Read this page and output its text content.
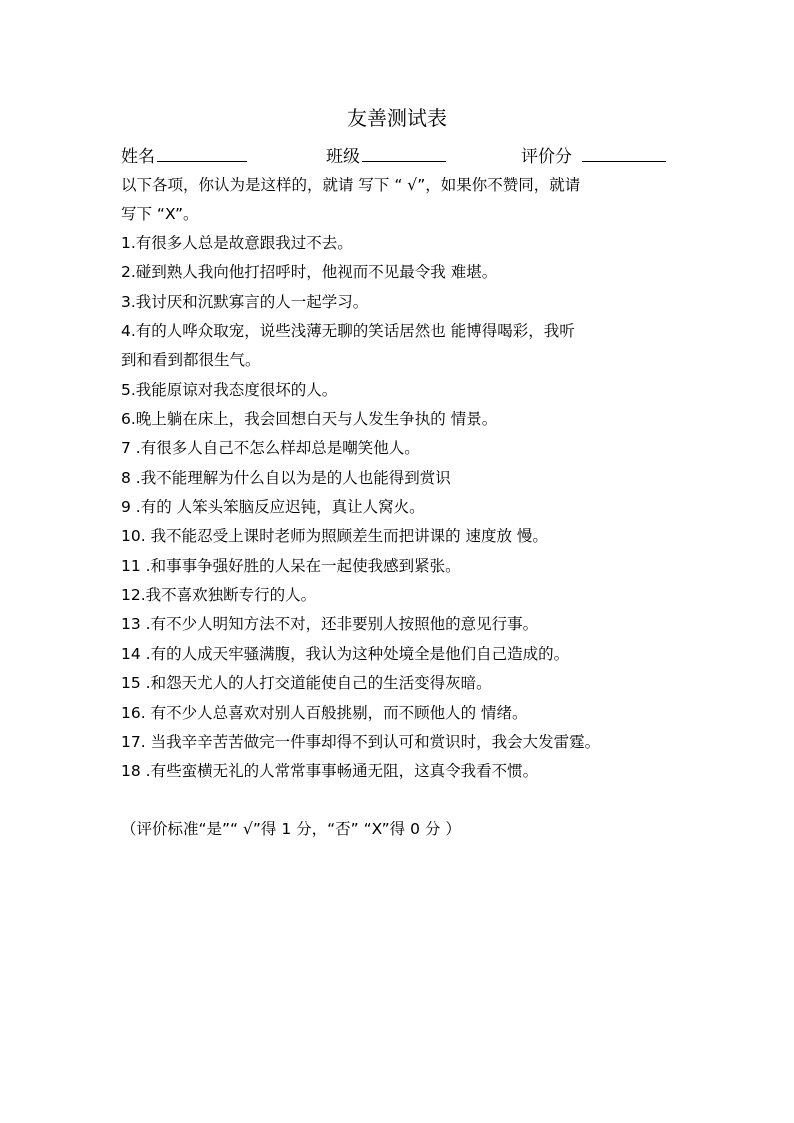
友善测试表
姓名	班级	评价分
以下各项，你认为是这样的，就请 写下 “ √”，如果你不赞同，就请
写下 “X”。
1.有很多人总是故意跟我过不去。
2.碰到熟人我向他打招呼时，他视而不见最令我 难堪。
3.我讨厌和沉默寡言的人一起学习。
4.有的人哗众取宠，说些浅薄无聊的笑话居然也 能博得喝彩，我听
到和看到都很生气。
5.我能原谅对我态度很坏的人。
6.晚上躺在床上，我会回想白天与人发生争执的 情景。
7 .有很多人自己不怎么样却总是嘲笑他人。
8 .我不能理解为什么自以为是的人也能得到赏识
9 .有的 人笨头笨脑反应迟钝，真让人窝火。
10. 我不能忍受上课时老师为照顾差生而把讲课的 速度放 慢。
11 .和事事争强好胜的人呆在一起使我感到紧张。
12.我不喜欢独断专行的人。
13 .有不少人明知方法不对，还非要别人按照他的意见行事。
14 .有的人成天牢骚满腹，我认为这种处境全是他们自己造成的。
15 .和怨天尤人的人打交道能使自己的生活变得灰暗。
16. 有不少人总喜欢对别人百般挑剔，而不顾他人的 情绪。
17. 当我辛辛苦苦做完一件事却得不到认可和赏识时，我会大发雷霆。
18 .有些蛮横无礼的人常常事事畅通无阻，这真令我看不惯。
（评价标准“是”“ √”得 1 分，“否” “X”得 0 分 ）
